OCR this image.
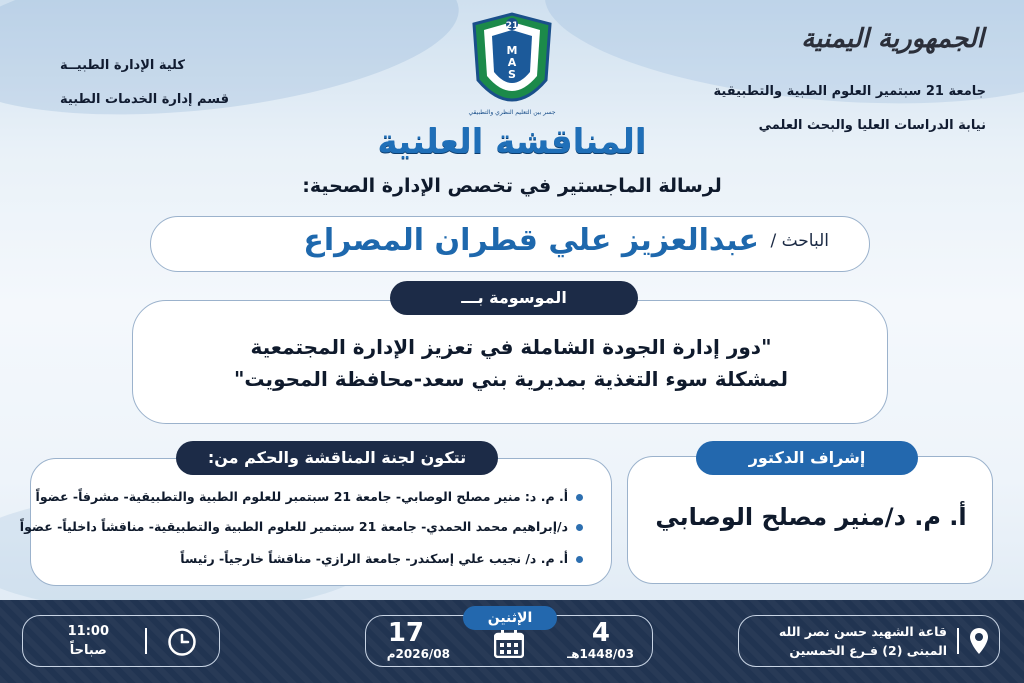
الجمهورية اليمنية
جامعة 21 سبتمير العلوم الطبية والتطبيقية
نيابة الدراسات العليا والبحث العلمي
كلية الإدارة الطبيــة
قسم إدارة الخدمات الطبية
21
M
A
S
جسر بين التعليم النظري والتطبيقي
المناقشة العلنية
لرسالة الماجستير في تخصص الإدارة الصحية:
الباحث /
عبدالعزيز علي قطران المصراع
"دور إدارة الجودة الشاملة في تعزيز الإدارة المجتمعية
لمشكلة سوء التغذية بمديرية بني سعد-محافظة المحويت"
الموسومة بـــ
أ. م. د: منير مصلح الوصابي- جامعة 21 سبتمبر للعلوم الطبية والتطبيقية- مشرفاً- عضواً
د/إبراهيم محمد الحمدي- جامعة 21 سبتمير للعلوم الطبية والتطبيقية- مناقشاً داخلياً- عضواً
أ. م. د/ نجيب علي إسكندر- جامعة الرازي- مناقشاً خارجياً- رئيساً
تتكون لجنة المناقشة والحكم من:
أ. م. د/منير مصلح الوصابي
إشراف الدكتور
قاعة الشهيد حسن نصر الله
المبنى (2) فـرع الخمسين
4
1448/03هـ
17
2026/08م
الإثنين
11:00
صباحاً
